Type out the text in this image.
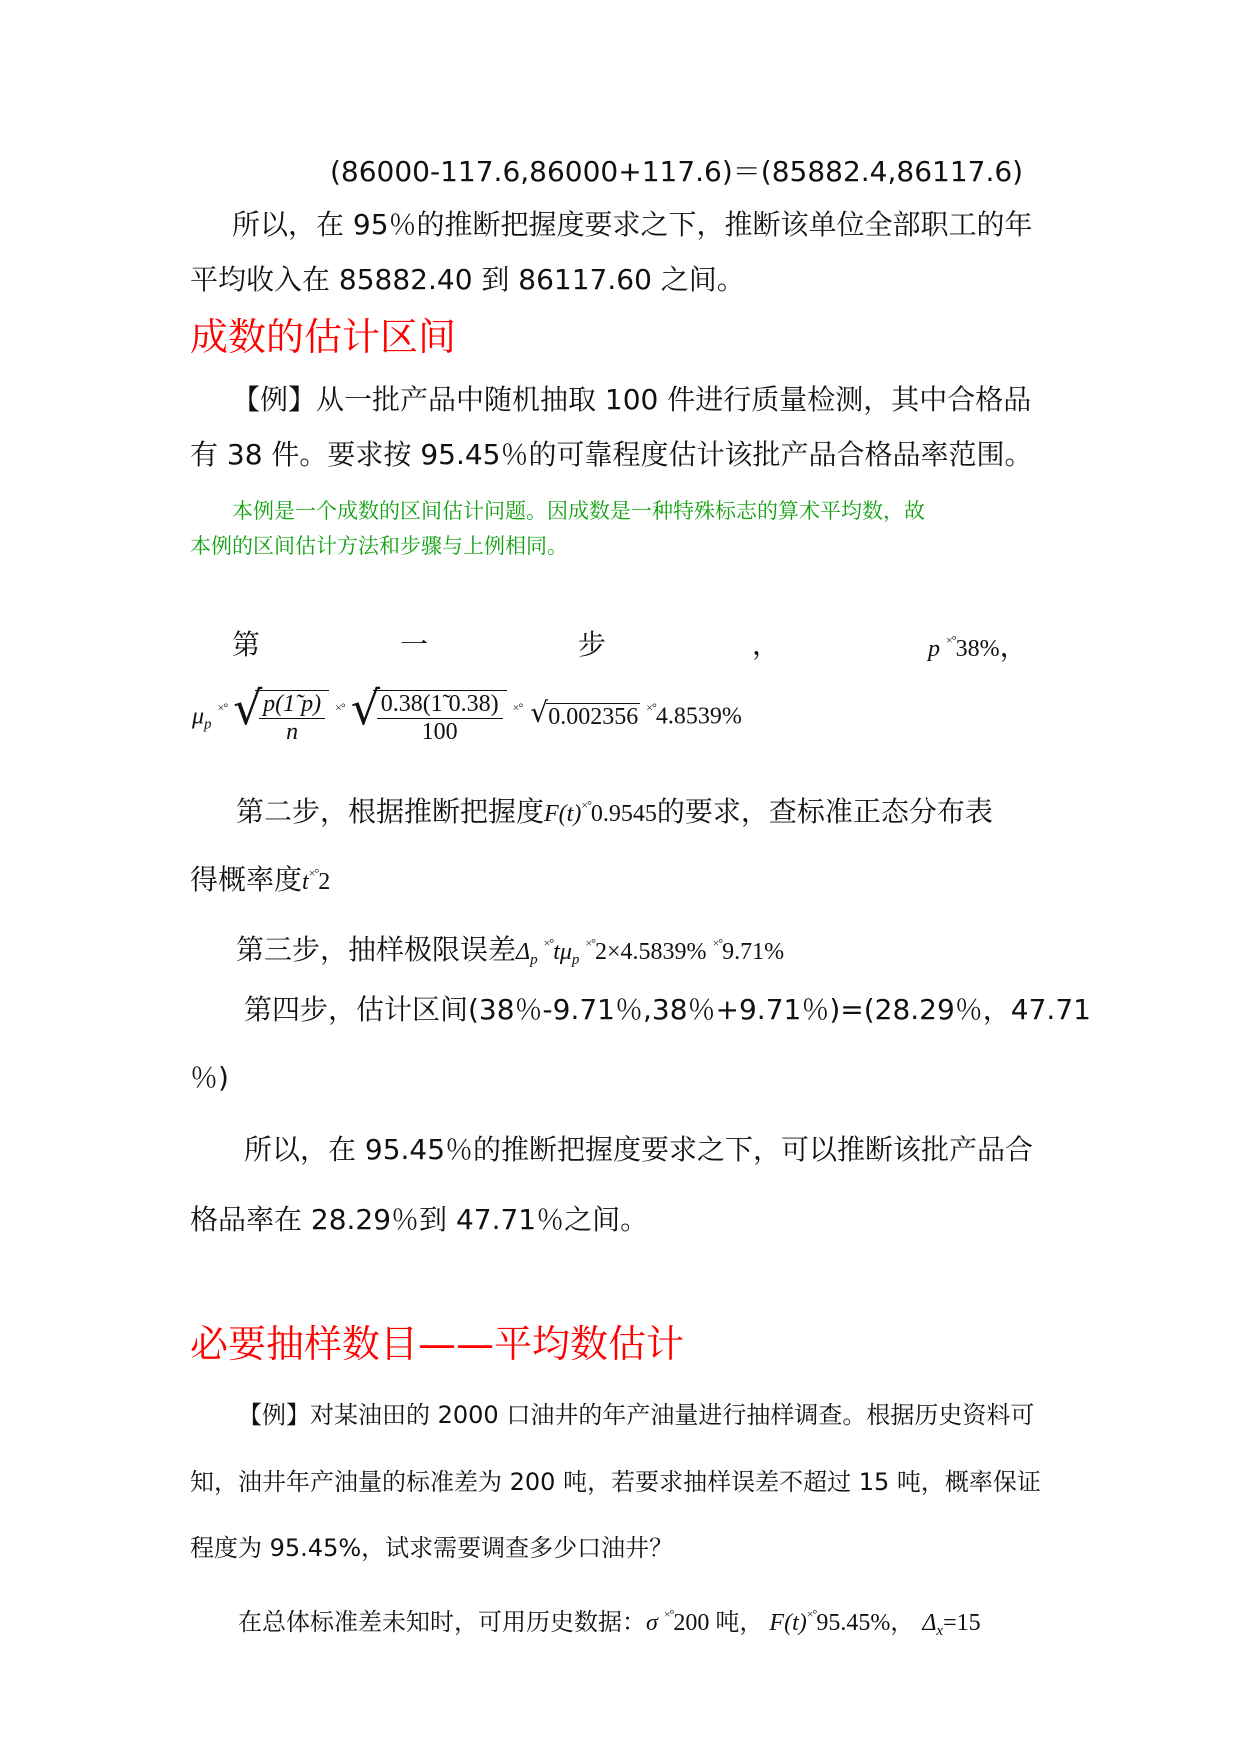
(86000-117.6,86000+117.6)＝(85882.4,86117.6)
所以，在 95％的推断把握度要求之下，推断该单位全部职工的年
平均收入在 85882.40 到 86117.60 之间。
成数的估计区间
【例】从一批产品中随机抽取 100 件进行质量检测，其中合格品
有 38 件。要求按 95.45％的可靠程度估计该批产品合格品率范围。
本例是一个成数的区间估计问题。因成数是一种特殊标志的算术平均数，故
本例的区间估计方法和步骤与上例相同。
第	一	步	，	p ×°38%，
$\mu_p$ ×° √ $\frac{p(1̃ p)}{n} ^{\times^\circ}$ √ $\frac{0.38(1̃ 0.38)}{100} ^{\times^\circ}$ √ 0.002356 ×°4.8539%
第二步，根据推断把握度F(t)×°0.9545的要求，查标准正态分布表
得概率度t×°2
第三步，抽样极限误差$\Delta_p^{\times^\circ}t\mu_p^{\times^\circ}2\times 4.5839\%$ ×°9.71%
第四步，估计区间(38％-9.71％,38％+9.71％)=(28.29％，47.71
％)
所以，在 95.45％的推断把握度要求之下，可以推断该批产品合
格品率在 28.29％到 47.71％之间。
必要抽样数目——平均数估计
【例】对某油田的 2000 口油井的年产油量进行抽样调查。根据历史资料可
知，油井年产油量的标准差为 200 吨，若要求抽样误差不超过 15 吨，概率保证
程度为 95.45%，试求需要调查多少口油井？
在总体标准差未知时，可用历史数据：σ ×°200 吨， F(t)×°95.45%， $\Delta_x=15$
